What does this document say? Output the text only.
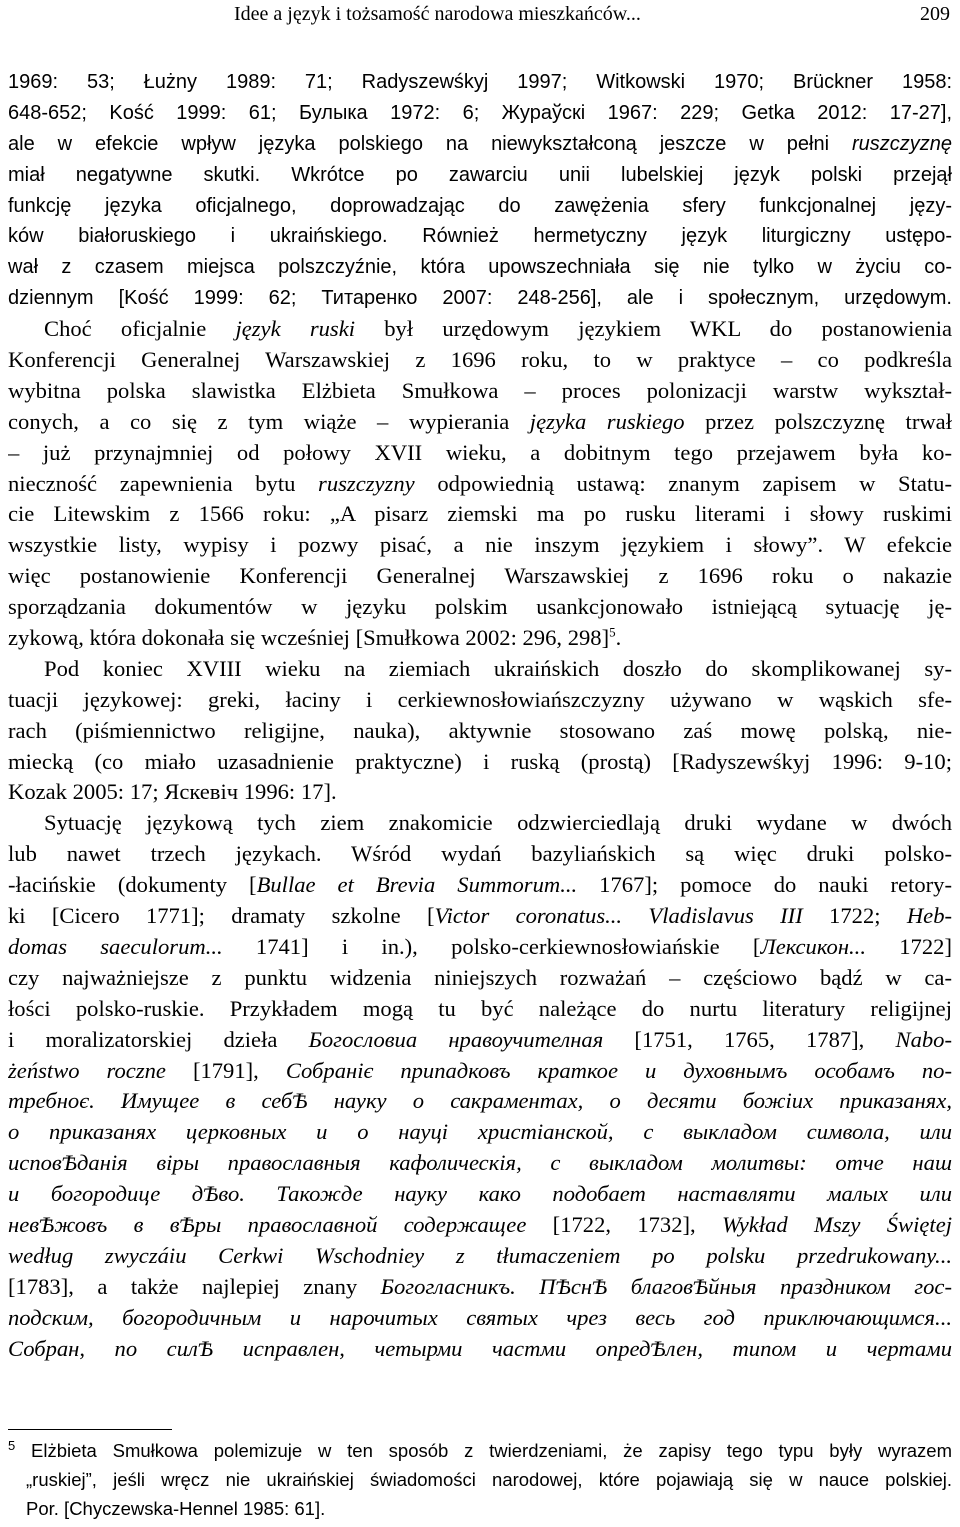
Idee a język i tożsamość narodowa mieszkańców...	209
1969: 53; Łużny 1989: 71; Radyszewśkyj 1997; Witkowski 1970; Brückner 1958:
648-652; Kość 1999: 61; Булыка 1972: 6; Жураўскі 1967: 229; Getka 2012: 17-27],
ale w efekcie wpływ języka polskiego na niewykształconą jeszcze w pełni ruszczyznę
miał negatywne skutki. Wkrótce po zawarciu unii lubelskiej język polski przejął
funkcję języka oficjalnego, doprowadzając do zawężenia sfery funkcjonalnej języ-
ków białoruskiego i ukraińskiego. Również hermetyczny język liturgiczny ustępo-
wał z czasem miejsca polszczyźnie, która upowszechniała się nie tylko w życiu co-
dziennym [Kość 1999: 62; Титаренко 2007: 248-256], ale i społecznym, urzędowym.
Choć oficjalnie język ruski był urzędowym językiem WKL do postanowienia
Konferencji Generalnej Warszawskiej z 1696 roku, to w praktyce – co podkreśla
wybitna polska slawistka Elżbieta Smułkowa – proces polonizacji warstw wykształ-
conych, a co się z tym wiąże – wypierania języka ruskiego przez polszczyznę trwał
– już przynajmniej od połowy XVII wieku, a dobitnym tego przejawem była ko-
nieczność zapewnienia bytu ruszczyzny odpowiednią ustawą: znanym zapisem w Statu-
cie Litewskim z 1566 roku: „A pisarz ziemski ma po rusku literami i słowy ruskimi
wszystkie listy, wypisy i pozwy pisać, a nie inszym językiem i słowy”. W efekcie
więc postanowienie Konferencji Generalnej Warszawskiej z 1696 roku o nakazie
sporządzania dokumentów w języku polskim usankcjonowało istniejącą sytuację ję-
zykową, która dokonała się wcześniej [Smułkowa 2002: 296, 298]$^5$.
Pod koniec XVIII wieku na ziemiach ukraińskich doszło do skomplikowanej sy-
tuacji językowej: greki, łaciny i cerkiewnosłowiańszczyzny używano w wąskich sfe-
rach (piśmiennictwo religijne, nauka), aktywnie stosowano zaś mowę polską, nie-
miecką (co miało uzasadnienie praktyczne) i ruską (prostą) [Radyszewśkyj 1996: 9-10;
Kozak 2005: 17; Яскевіч 1996: 17].
Sytuację językową tych ziem znakomicie odzwierciedlają druki wydane w dwóch
lub nawet trzech językach. Wśród wydań bazyliańskich są więc druki polsko-
-łacińskie (dokumenty [Bullae et Brevia Summorum... 1767]; pomoce do nauki retory-
ki [Cicero 1771]; dramaty szkolne [Victor coronatus... Vladislavus III 1722; Heb-
domas saeculorum... 1741] i in.), polsko-cerkiewnosłowiańskie [Лексикон... 1722]
czy najważniejsze z punktu widzenia niniejszych rozważań – częściowo bądź w ca-
łości polsko-ruskie. Przykładem mogą tu być należące do nurtu literatury religijnej
i moralizatorskiej dzieła Богословиа нравоучителная [1751, 1765, 1787], Nabo-
żeństwo roczne [1791], Собраніє припадковъ краткое и духовнымъ особамъ по-
требноє. Имущее в себѢ науку о сакраментах, о десяти божіих приказанях,
о приказанях церковных и о науці христіанской, с выкладом символа, или
исповѢданія віры православныя кафолическія, с выкладом молитвы: отче наш
и богородице дѢво. Такожде науку како подобает наставляти малых или
невѢжовъ в вѢры православной содержащее [1722, 1732], Wykład Mszy Świętej
według zwyczáiu Cerkwi Wschodniey z tłumaczeniem po polsku przedrukowany...
[1783], a także najlepiej znany Богогласникъ. ПѢснѢ благовѢйныя праздником гос-
подским, богородичным и нарочитых святых чрез весь год приключающимся...
Собран, по силѢ исправлен, четырми частми опредѢлен, типом и чертами
$^5$ Elżbieta Smułkowa polemizuje w ten sposób z twierdzeniami, że zapisy tego typu były wyrazem
„ruskiej”, jeśli wręcz nie ukraińskiej świadomości narodowej, które pojawiają się w nauce polskiej.
Por. [Chyczewska-Hennel 1985: 61].
